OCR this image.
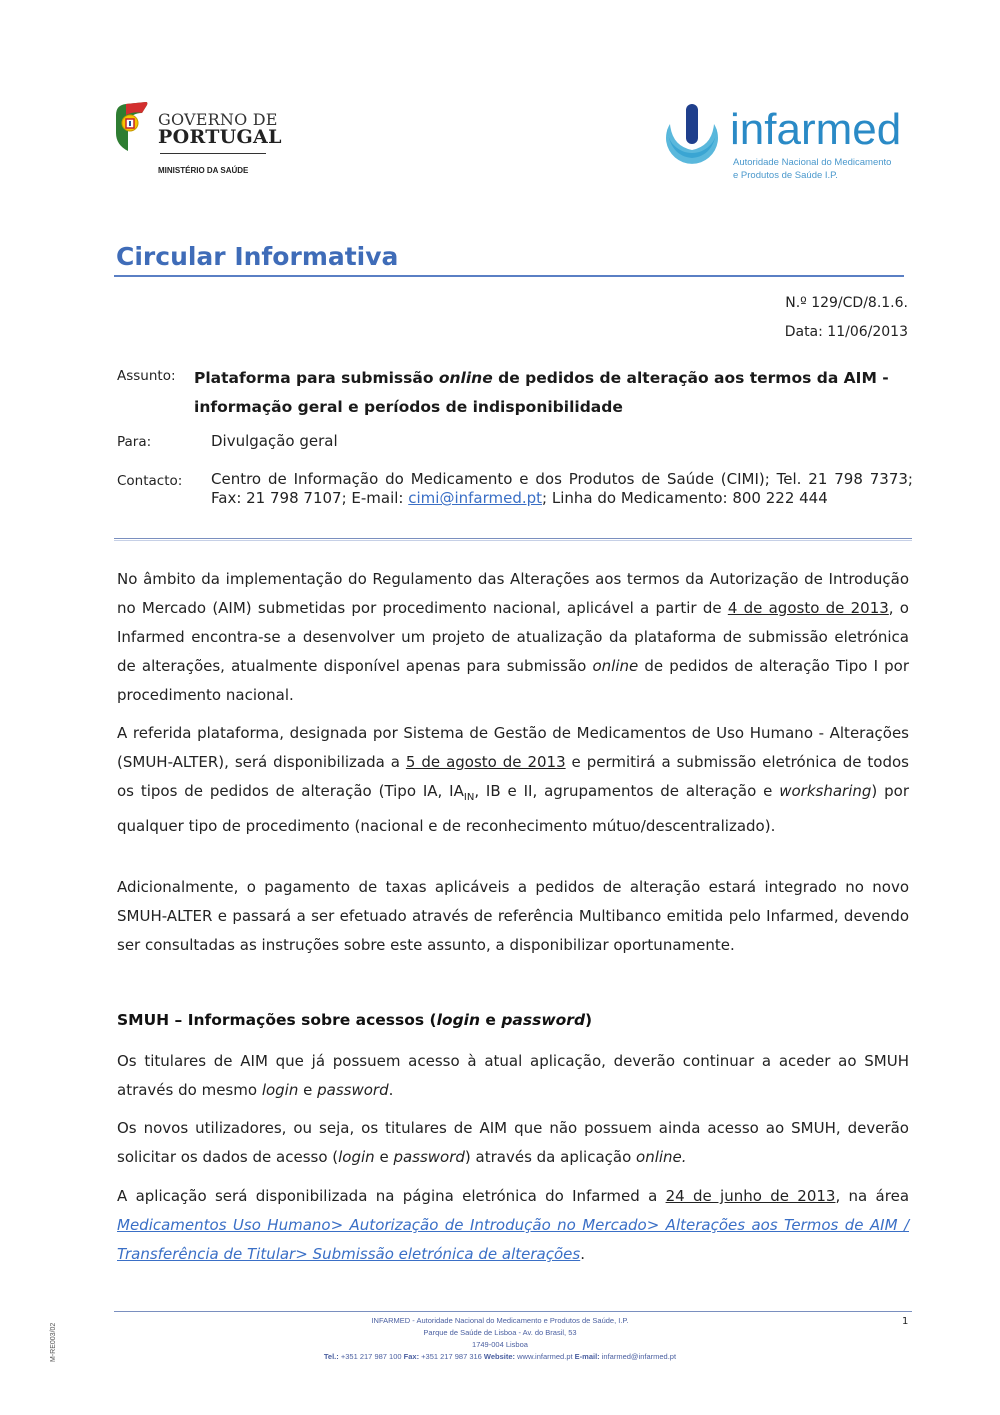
GOVERNO DE
PORTUGAL
MINISTÉRIO DA SAÚDE
infarmed
Autoridade Nacional do Medicamento
e Produtos de Saúde I.P.
Circular Informativa
N.º 129/CD/8.1.6.
Data: 11/06/2013
Assunto: Plataforma para submissão online de pedidos de alteração aos termos da AIM - informação geral e períodos de indisponibilidade
Para:	Divulgação geral
Contacto: Centro de Informação do Medicamento e dos Produtos de Saúde (CIMI); Tel. 21 798 7373; Fax: 21 798 7107; E-mail: cimi@infarmed.pt; Linha do Medicamento: 800 222 444
No âmbito da implementação do Regulamento das Alterações aos termos da Autorização de Introdução no Mercado (AIM) submetidas por procedimento nacional, aplicável a partir de 4 de agosto de 2013, o Infarmed encontra-se a desenvolver um projeto de atualização da plataforma de submissão eletrónica de alterações, atualmente disponível apenas para submissão online de pedidos de alteração Tipo I por procedimento nacional.
A referida plataforma, designada por Sistema de Gestão de Medicamentos de Uso Humano - Alterações (SMUH-ALTER), será disponibilizada a 5 de agosto de 2013 e permitirá a submissão eletrónica de todos os tipos de pedidos de alteração (Tipo IA, $IA_{IN}$, IB e II, agrupamentos de alteração e worksharing) por qualquer tipo de procedimento (nacional e de reconhecimento mútuo/descentralizado).
Adicionalmente, o pagamento de taxas aplicáveis a pedidos de alteração estará integrado no novo SMUH-ALTER e passará a ser efetuado através de referência Multibanco emitida pelo Infarmed, devendo ser consultadas as instruções sobre este assunto, a disponibilizar oportunamente.
SMUH – Informações sobre acessos (login e password)
Os titulares de AIM que já possuem acesso à atual aplicação, deverão continuar a aceder ao SMUH através do mesmo login e password.
Os novos utilizadores, ou seja, os titulares de AIM que não possuem ainda acesso ao SMUH, deverão solicitar os dados de acesso (login e password) através da aplicação online.
A aplicação será disponibilizada na página eletrónica do Infarmed a 24 de junho de 2013, na área Medicamentos Uso Humano> Autorização de Introdução no Mercado> Alterações aos Termos de AIM / Transferência de Titular> Submissão eletrónica de alterações.
INFARMED - Autoridade Nacional do Medicamento e Produtos de Saúde, I.P.
Parque de Saúde de Lisboa - Av. do Brasil, 53
1749-004 Lisboa
Tel.: +351 217 987 100 Fax: +351 217 987 316 Website: www.infarmed.pt E-mail: infarmed@infarmed.pt
1
M-RE003/02
